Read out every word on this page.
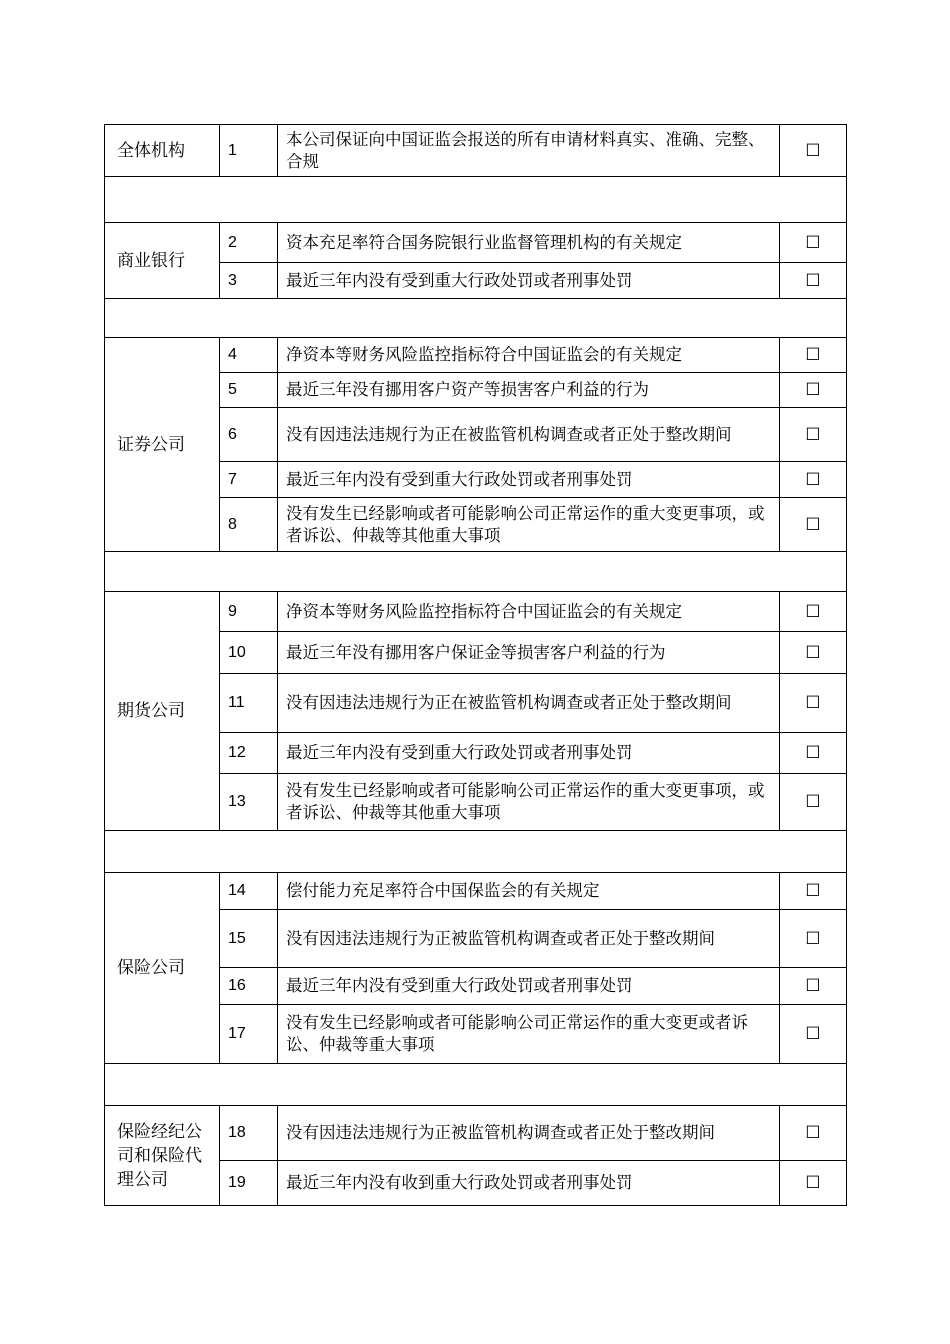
全体机构	1	本公司保证向中国证监会报送的所有申请材料真实、准确、完整、合规	☐

商业银行	2	资本充足率符合国务院银行业监督管理机构的有关规定	☐
	3	最近三年内没有受到重大行政处罚或者刑事处罚	☐

证券公司	4	净资本等财务风险监控指标符合中国证监会的有关规定	☐
	5	最近三年没有挪用客户资产等损害客户利益的行为	☐
	6	没有因违法违规行为正在被监管机构调查或者正处于整改期间	☐
	7	最近三年内没有受到重大行政处罚或者刑事处罚	☐
	8	没有发生已经影响或者可能影响公司正常运作的重大变更事项，或者诉讼、仲裁等其他重大事项	☐

期货公司	9	净资本等财务风险监控指标符合中国证监会的有关规定	☐
	10	最近三年没有挪用客户保证金等损害客户利益的行为	☐
	11	没有因违法违规行为正在被监管机构调查或者正处于整改期间	☐
	12	最近三年内没有受到重大行政处罚或者刑事处罚	☐
	13	没有发生已经影响或者可能影响公司正常运作的重大变更事项，或者诉讼、仲裁等其他重大事项	☐

保险公司	14	偿付能力充足率符合中国保监会的有关规定	☐
	15	没有因违法违规行为正被监管机构调查或者正处于整改期间	☐
	16	最近三年内没有受到重大行政处罚或者刑事处罚	☐
	17	没有发生已经影响或者可能影响公司正常运作的重大变更或者诉讼、仲裁等重大事项	☐

保险经纪公司和保险代理公司	18	没有因违法违规行为正被监管机构调查或者正处于整改期间	☐
	19	最近三年内没有收到重大行政处罚或者刑事处罚	☐
